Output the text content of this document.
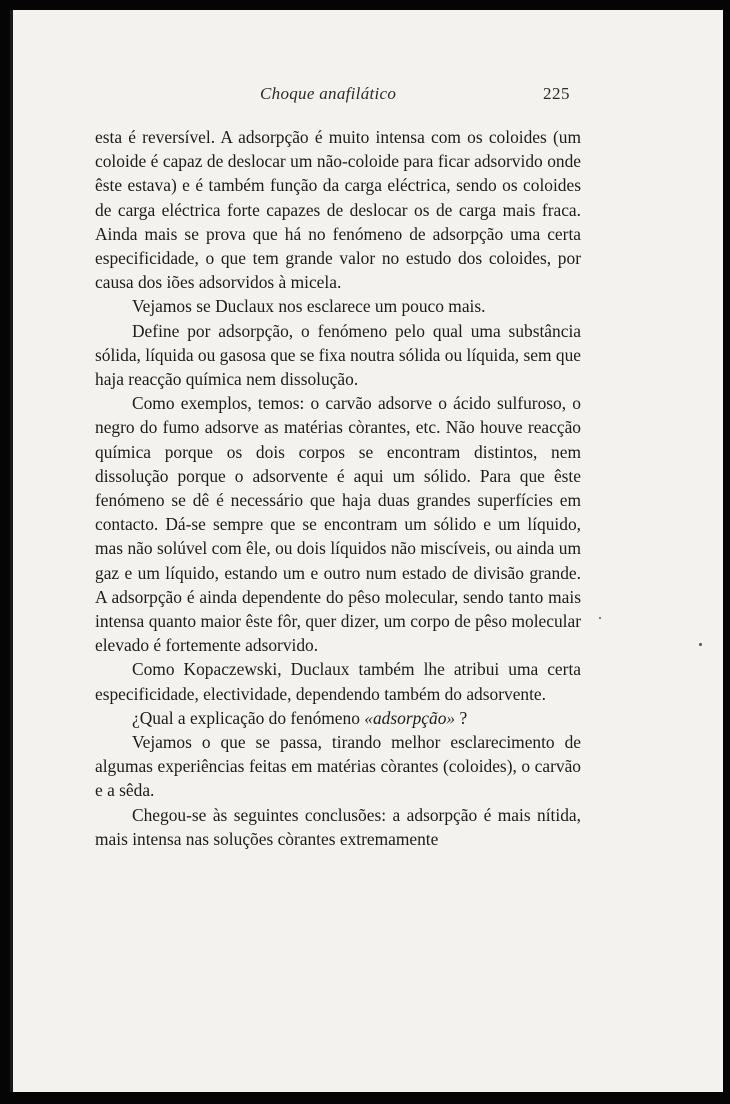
Choque anafilático	225

esta é reversível. A adsorpção é muito intensa com os coloides (um coloide é capaz de deslocar um não-coloide para ficar adsorvido onde êste estava) e é também função da carga eléctrica, sendo os coloides de carga eléctrica forte capazes de deslocar os de carga mais fraca. Ainda mais se prova que há no fenómeno de adsorpção uma certa especificidade, o que tem grande valor no estudo dos coloides, por causa dos iões adsorvidos à micela.

Vejamos se Duclaux nos esclarece um pouco mais.

Define por adsorpção, o fenómeno pelo qual uma substância sólida, líquida ou gasosa que se fixa noutra sólida ou líquida, sem que haja reacção química nem dissolução.

Como exemplos, temos: o carvão adsorve o ácido sulfuroso, o negro do fumo adsorve as matérias còrantes, etc. Não houve reacção química porque os dois corpos se encontram distintos, nem dissolução porque o adsorvente é aqui um sólido. Para que êste fenómeno se dê é necessário que haja duas grandes superfícies em contacto. Dá-se sempre que se encontram um sólido e um líquido, mas não solúvel com êle, ou dois líquidos não miscíveis, ou ainda um gaz e um líquido, estando um e outro num estado de divisão grande. A adsorpção é ainda dependente do pêso molecular, sendo tanto mais intensa quanto maior êste fôr, quer dizer, um corpo de pêso molecular elevado é fortemente adsorvido.

Como Kopaczewski, Duclaux também lhe atribui uma certa especificidade, electividade, dependendo também do adsorvente.

¿Qual a explicação do fenómeno «adsorpção» ?

Vejamos o que se passa, tirando melhor esclarecimento de algumas experiências feitas em matérias còrantes (coloides), o carvão e a sêda.

Chegou-se às seguintes conclusões: a adsorpção é mais nítida, mais intensa nas soluções còrantes extremamente
